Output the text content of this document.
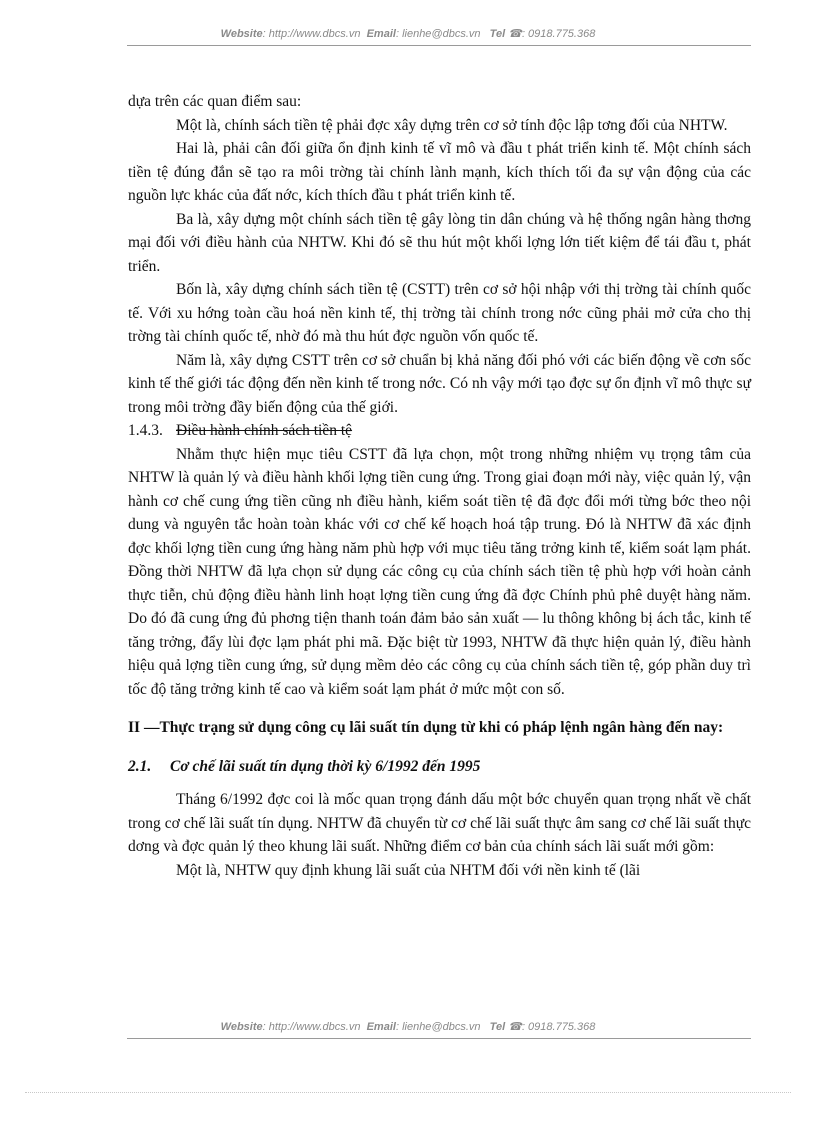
Website: http://www.dbcs.vn Email: lienhe@dbcs.vn Tel ☎: 0918.775.368

dựa trên các quan điểm sau:

Một là, chính sách tiền tệ phải đợc xây dựng trên cơ sở tính độc lập tơng đối của NHTW.

Hai là, phải cân đối giữa ổn định kinh tế vĩ mô và đầu t phát triển kinh tế. Một chính sách tiền tệ đúng đắn sẽ tạo ra môi trờng tài chính lành mạnh, kích thích tối đa sự vận động của các nguồn lực khác của đất nớc, kích thích đầu t phát triển kinh tế.

Ba là, xây dựng một chính sách tiền tệ gây lòng tin dân chúng và hệ thống ngân hàng thơng mại đối với điều hành của NHTW. Khi đó sẽ thu hút một khối lợng lớn tiết kiệm để tái đầu t, phát triển.

Bốn là, xây dựng chính sách tiền tệ (CSTT) trên cơ sở hội nhập với thị trờng tài chính quốc tế. Với xu hớng toàn cầu hoá nền kinh tế, thị trờng tài chính trong nớc cũng phải mở cửa cho thị trờng tài chính quốc tế, nhờ đó mà thu hút đợc nguồn vốn quốc tế.

Năm là, xây dựng CSTT trên cơ sở chuẩn bị khả năng đối phó với các biến động về cơn sốc kinh tế thế giới tác động đến nền kinh tế trong nớc. Có nh vậy mới tạo đợc sự ổn định vĩ mô thực sự trong môi trờng đầy biến động của thế giới.

1.4.3. Điều hành chính sách tiền tệ

Nhằm thực hiện mục tiêu CSTT đã lựa chọn, một trong những nhiệm vụ trọng tâm của NHTW là quản lý và điều hành khối lợng tiền cung ứng. Trong giai đoạn mới này, việc quản lý, vận hành cơ chế cung ứng tiền cũng nh điều hành, kiểm soát tiền tệ đã đợc đổi mới từng bớc theo nội dung và nguyên tắc hoàn toàn khác với cơ chế kế hoạch hoá tập trung. Đó là NHTW đã xác định đợc khối lợng tiền cung ứng hàng năm phù hợp với mục tiêu tăng trởng kinh tế, kiểm soát lạm phát. Đồng thời NHTW đã lựa chọn sử dụng các công cụ của chính sách tiền tệ phù hợp với hoàn cảnh thực tiễn, chủ động điều hành linh hoạt lợng tiền cung ứng đã đợc Chính phủ phê duyệt hàng năm. Do đó đã cung ứng đủ phơng tiện thanh toán đảm bảo sản xuất — lu thông không bị ách tắc, kinh tế tăng trởng, đẩy lùi đợc lạm phát phi mã. Đặc biệt từ 1993, NHTW đã thực hiện quản lý, điều hành hiệu quả lợng tiền cung ứng, sử dụng mềm dẻo các công cụ của chính sách tiền tệ, góp phần duy trì tốc độ tăng trởng kinh tế cao và kiểm soát lạm phát ở mức một con số.

II —Thực trạng sử dụng công cụ lãi suất tín dụng từ khi có pháp lệnh ngân hàng đến nay:

2.1. Cơ chế lãi suất tín dụng thời kỳ 6/1992 đến 1995

Tháng 6/1992 đợc coi là mốc quan trọng đánh dấu một bớc chuyển quan trọng nhất về chất trong cơ chế lãi suất tín dụng. NHTW đã chuyển từ cơ chế lãi suất thực âm sang cơ chế lãi suất thực dơng và đợc quản lý theo khung lãi suất. Những điểm cơ bản của chính sách lãi suất mới gồm:

Một là, NHTW quy định khung lãi suất của NHTM đối với nền kinh tế (lãi

Website: http://www.dbcs.vn Email: lienhe@dbcs.vn Tel ☎: 0918.775.368
